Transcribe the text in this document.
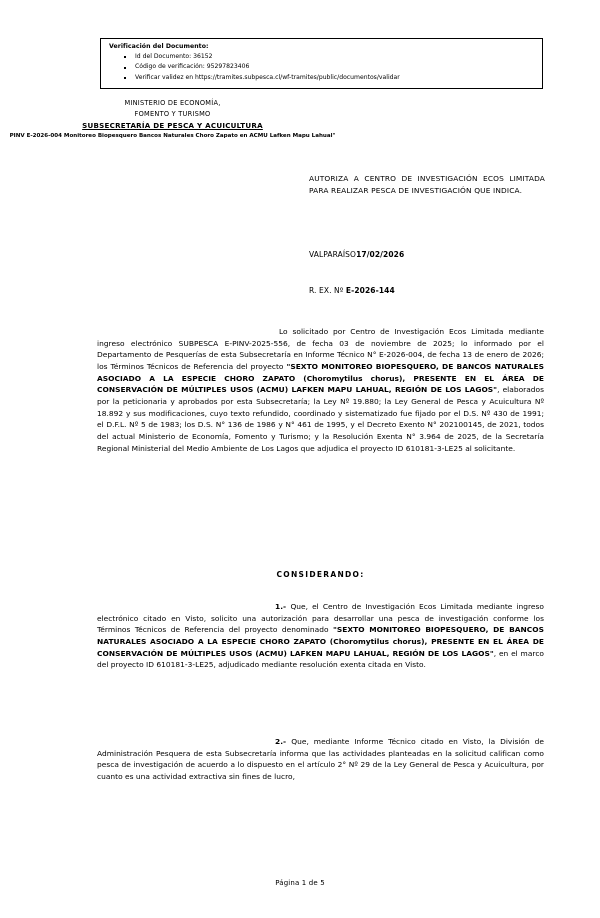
Verificación del Documento:
Id del Documento: 36152
Código de verificación: 95297823406
Verificar validez en https://tramites.subpesca.cl/wf-tramites/public/documentos/validar
MINISTERIO DE ECONOMÍA,
FOMENTO Y TURISMO
SUBSECRETARÍA DE PESCA Y ACUICULTURA
PINV E-2026-004 Monitoreo Biopesquero Bancos Naturales Choro Zapato en ACMU Lafken Mapu Lahual"
AUTORIZA A CENTRO DE INVESTIGACIÓN ECOS LIMITADA PARA REALIZAR PESCA DE INVESTIGACIÓN QUE INDICA.
VALPARAÍSO17/02/2026
R. EX. Nº E-2026-144
Lo solicitado por Centro de Investigación Ecos Limitada mediante ingreso electrónico SUBPESCA E-PINV-2025-556, de fecha 03 de noviembre de 2025; lo informado por el Departamento de Pesquerías de esta Subsecretaría en Informe Técnico N° E-2026-004, de fecha 13 de enero de 2026; los Términos Técnicos de Referencia del proyecto "SEXTO MONITOREO BIOPESQUERO, DE BANCOS NATURALES ASOCIADO A LA ESPECIE CHORO ZAPATO (Choromytilus chorus), PRESENTE EN EL ÁREA DE CONSERVACIÓN DE MÚLTIPLES USOS (ACMU) LAFKEN MAPU LAHUAL, REGIÓN DE LOS LAGOS", elaborados por la peticionaria y aprobados por esta Subsecretaría; la Ley Nº 19.880; la Ley General de Pesca y Acuicultura Nº 18.892 y sus modificaciones, cuyo texto refundido, coordinado y sistematizado fue fijado por el D.S. Nº 430 de 1991; el D.F.L. Nº 5 de 1983; los D.S. N° 136 de 1986 y N° 461 de 1995, y el Decreto Exento N° 202100145, de 2021, todos del actual Ministerio de Economía, Fomento y Turismo; y la Resolución Exenta N° 3.964 de 2025, de la Secretaría Regional Ministerial del Medio Ambiente de Los Lagos que adjudica el proyecto ID 610181-3-LE25 al solicitante.
CONSIDERANDO:
1.- Que, el Centro de Investigación Ecos Limitada mediante ingreso electrónico citado en Visto, solicito una autorización para desarrollar una pesca de investigación conforme los Términos Técnicos de Referencia del proyecto denominado "SEXTO MONITOREO BIOPESQUERO, DE BANCOS NATURALES ASOCIADO A LA ESPECIE CHORO ZAPATO (Choromytilus chorus), PRESENTE EN EL ÁREA DE CONSERVACIÓN DE MÚLTIPLES USOS (ACMU) LAFKEN MAPU LAHUAL, REGIÓN DE LOS LAGOS", en el marco del proyecto ID 610181-3-LE25, adjudicado mediante resolución exenta citada en Visto.
2.- Que, mediante Informe Técnico citado en Visto, la División de Administración Pesquera de esta Subsecretaría informa que las actividades planteadas en la solicitud califican como pesca de investigación de acuerdo a lo dispuesto en el artículo 2° Nº 29 de la Ley General de Pesca y Acuicultura, por cuanto es una actividad extractiva sin fines de lucro,
Página 1 de 5
